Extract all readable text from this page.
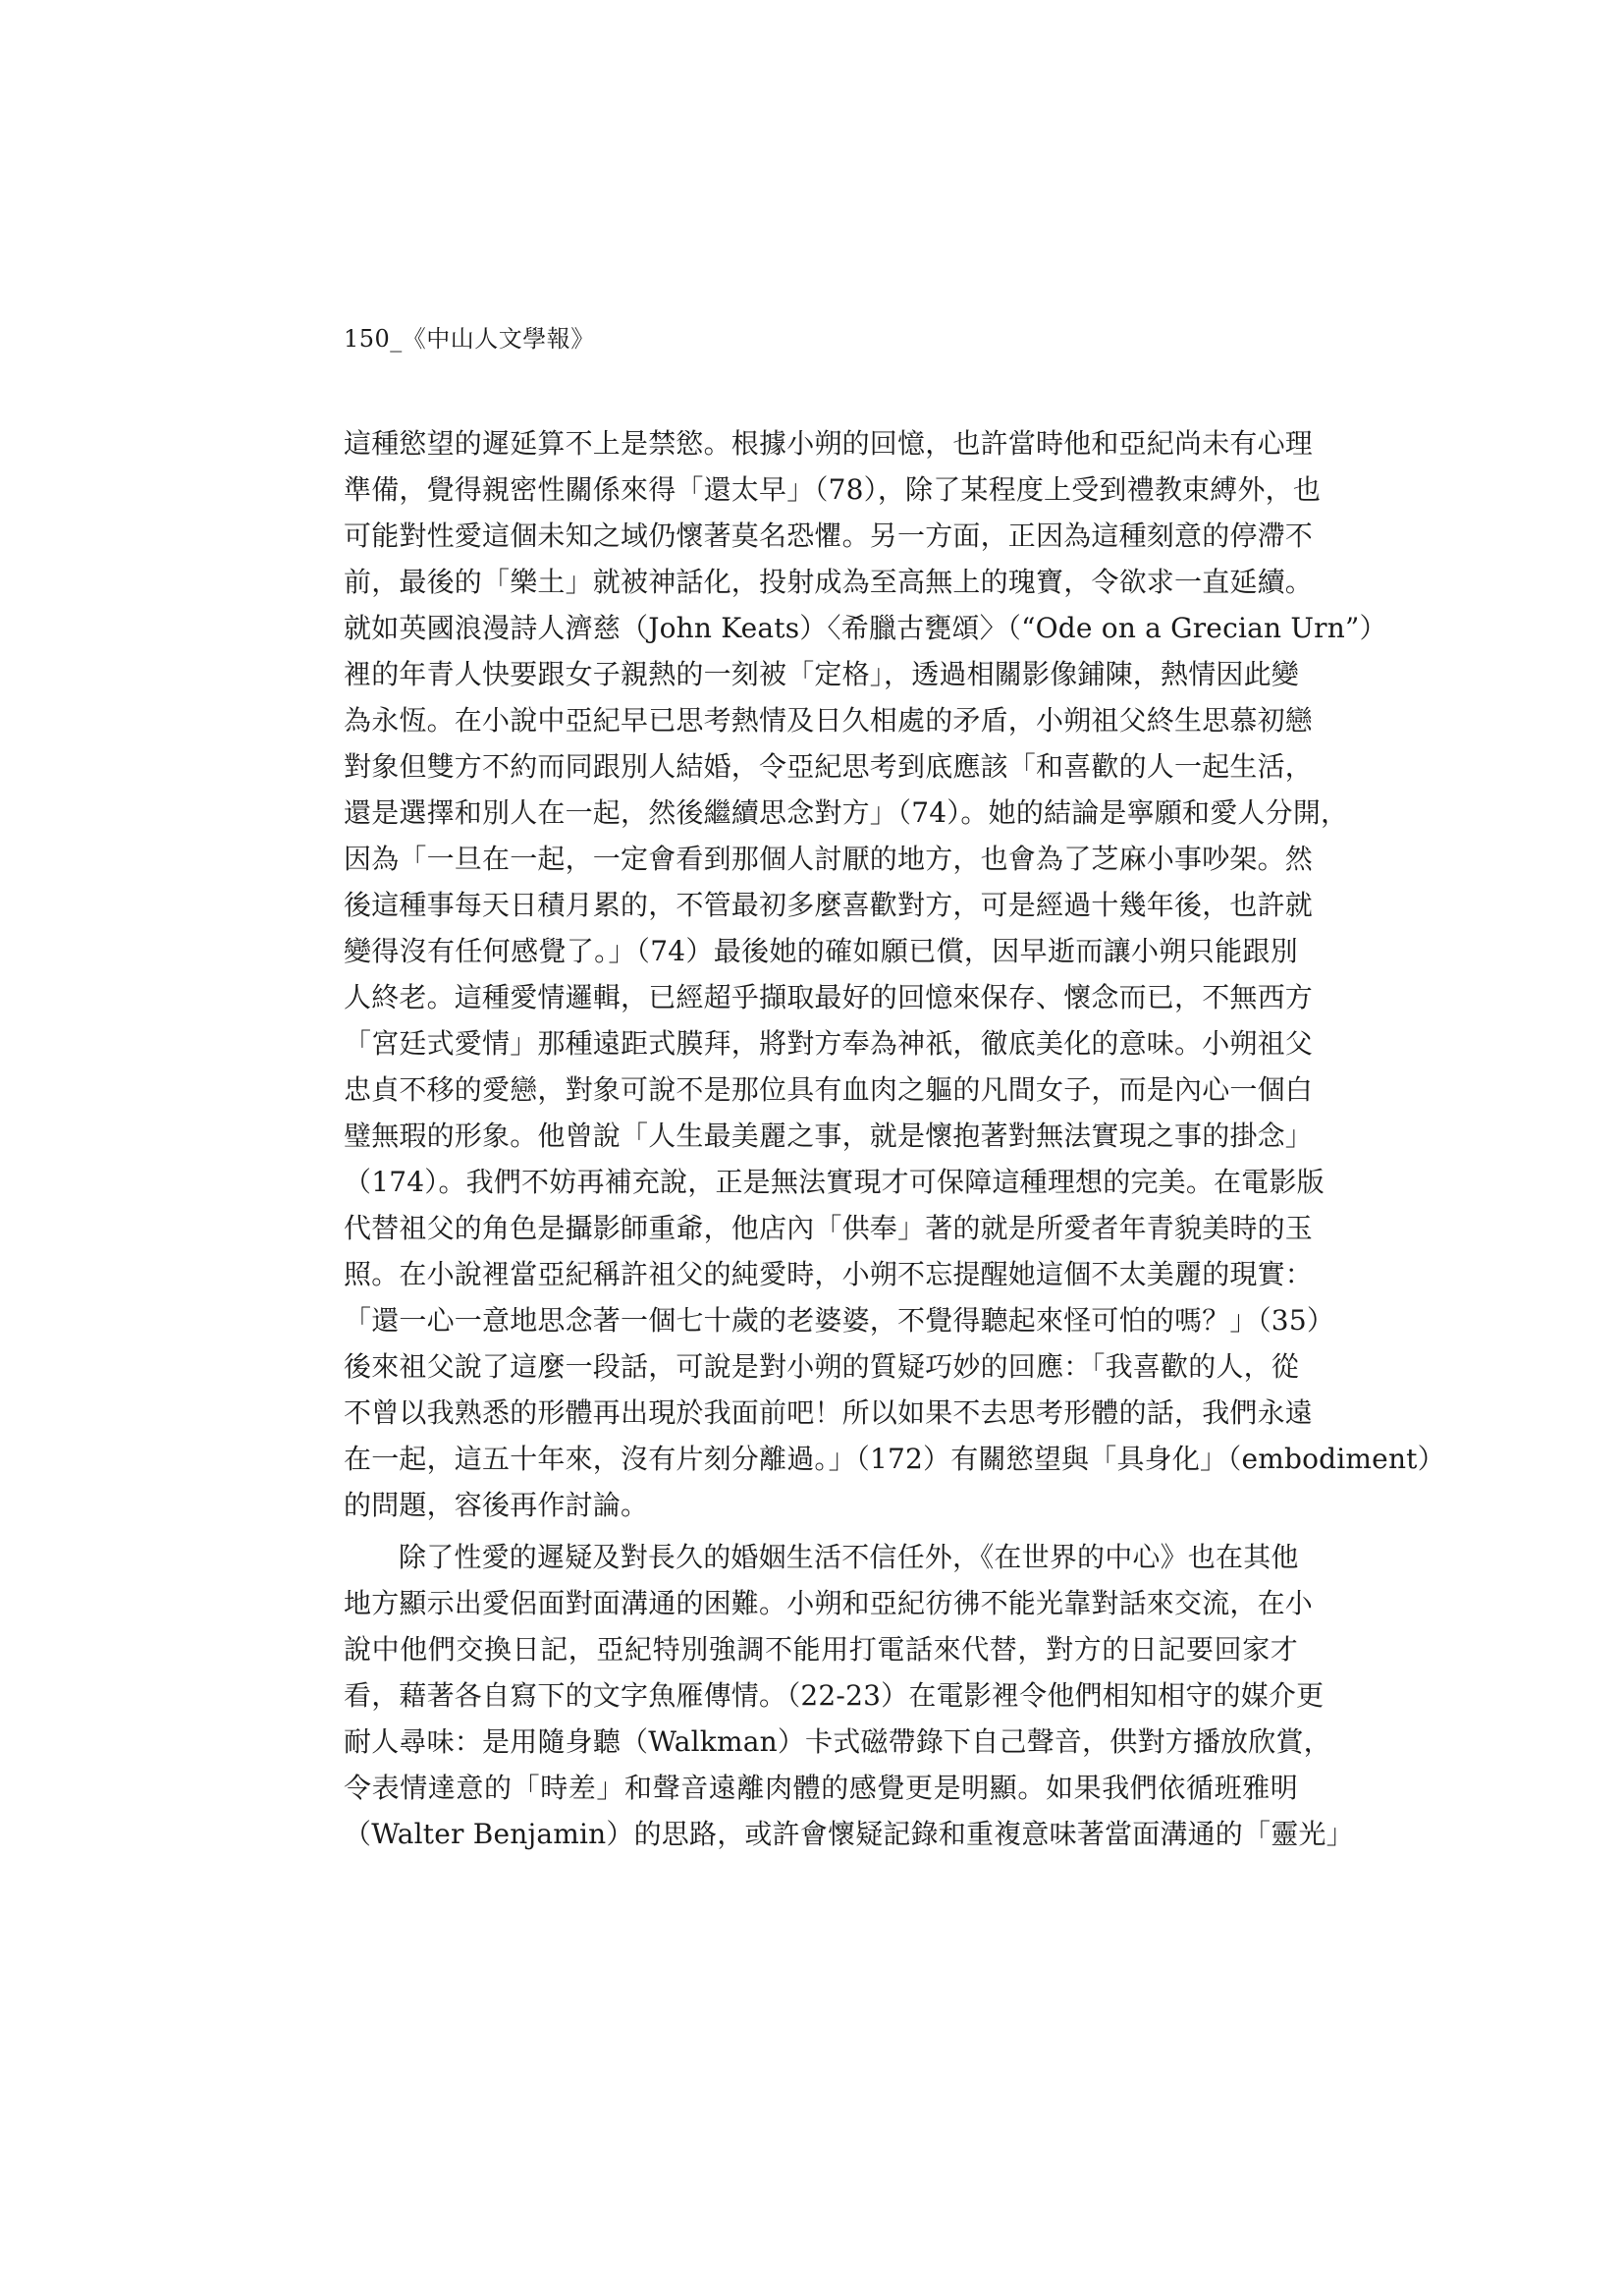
150_《中山人文學報》
這種慾望的遲延算不上是禁慾。根據小朔的回憶，也許當時他和亞紀尚未有心理
準備，覺得親密性關係來得「還太早」（78），除了某程度上受到禮教束縛外，也
可能對性愛這個未知之域仍懷著莫名恐懼。另一方面，正因為這種刻意的停滯不
前，最後的「樂土」就被神話化，投射成為至高無上的瑰寶，令欲求一直延續。
就如英國浪漫詩人濟慈（John Keats）〈希臘古甕頌〉（“Ode on a Grecian Urn”）
裡的年青人快要跟女子親熱的一刻被「定格」，透過相關影像鋪陳，熱情因此變
為永恆。在小說中亞紀早已思考熱情及日久相處的矛盾，小朔祖父終生思慕初戀
對象但雙方不約而同跟別人結婚，令亞紀思考到底應該「和喜歡的人一起生活，
還是選擇和別人在一起，然後繼續思念對方」（74）。她的結論是寧願和愛人分開，
因為「一旦在一起，一定會看到那個人討厭的地方，也會為了芝麻小事吵架。然
後這種事每天日積月累的，不管最初多麼喜歡對方，可是經過十幾年後，也許就
變得沒有任何感覺了。」（74）最後她的確如願已償，因早逝而讓小朔只能跟別
人終老。這種愛情邏輯，已經超乎擷取最好的回憶來保存、懷念而已，不無西方
「宮廷式愛情」那種遠距式膜拜，將對方奉為神祇，徹底美化的意味。小朔祖父
忠貞不移的愛戀，對象可說不是那位具有血肉之軀的凡間女子，而是內心一個白
璧無瑕的形象。他曾說「人生最美麗之事，就是懷抱著對無法實現之事的掛念」
（174）。我們不妨再補充說，正是無法實現才可保障這種理想的完美。在電影版
代替祖父的角色是攝影師重爺，他店內「供奉」著的就是所愛者年青貌美時的玉
照。在小說裡當亞紀稱許祖父的純愛時，小朔不忘提醒她這個不太美麗的現實：
「還一心一意地思念著一個七十歲的老婆婆，不覺得聽起來怪可怕的嗎？」（35）
後來祖父說了這麼一段話，可說是對小朔的質疑巧妙的回應：「我喜歡的人，從
不曾以我熟悉的形體再出現於我面前吧！所以如果不去思考形體的話，我們永遠
在一起，這五十年來，沒有片刻分離過。」（172）有關慾望與「具身化」（embodiment）
的問題，容後再作討論。
除了性愛的遲疑及對長久的婚姻生活不信任外，《在世界的中心》也在其他
地方顯示出愛侶面對面溝通的困難。小朔和亞紀彷彿不能光靠對話來交流，在小
說中他們交換日記，亞紀特別強調不能用打電話來代替，對方的日記要回家才
看，藉著各自寫下的文字魚雁傳情。（22-23）在電影裡令他們相知相守的媒介更
耐人尋味：是用隨身聽（Walkman）卡式磁帶錄下自己聲音，供對方播放欣賞，
令表情達意的「時差」和聲音遠離肉體的感覺更是明顯。如果我們依循班雅明
（Walter Benjamin）的思路，或許會懷疑記錄和重複意味著當面溝通的「靈光」
